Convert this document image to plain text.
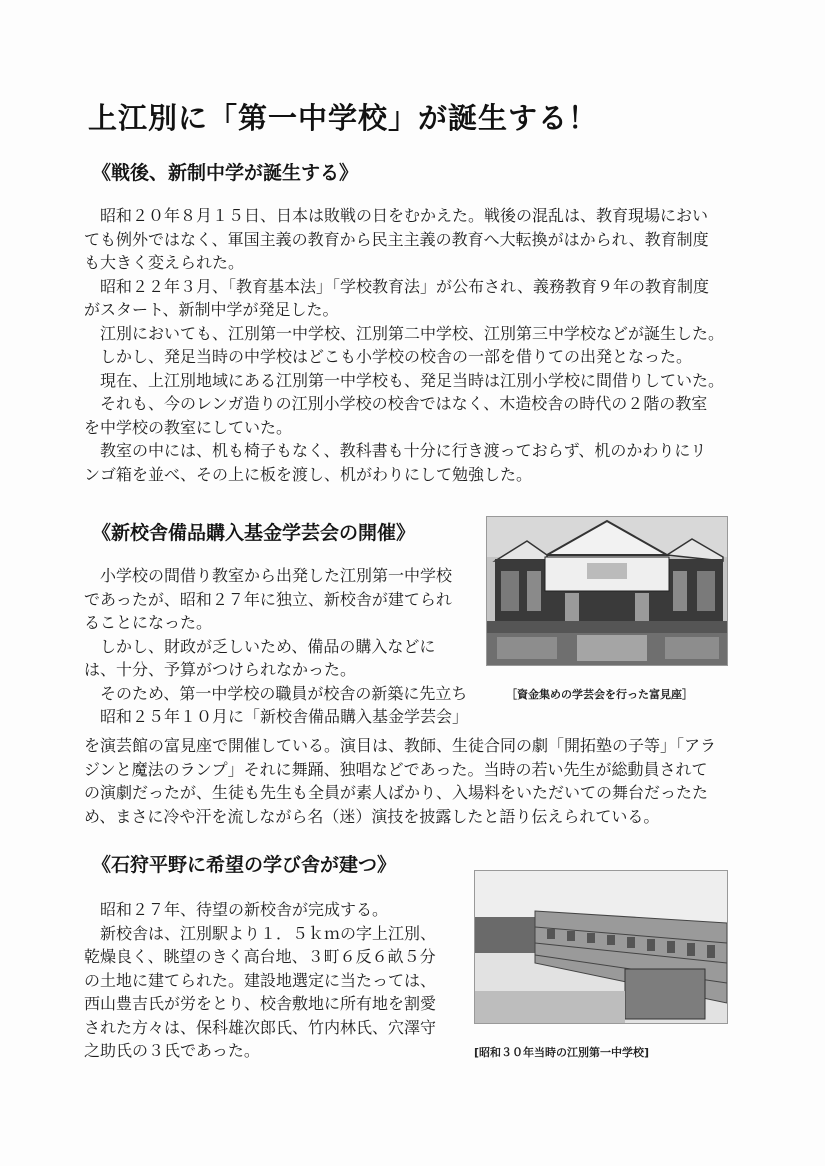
上江別に「第一中学校」が誕生する！
《戦後、新制中学が誕生する》
　昭和２０年８月１５日、日本は敗戦の日をむかえた。戦後の混乱は、教育現場におい
ても例外ではなく、軍国主義の教育から民主主義の教育へ大転換がはかられ、教育制度
も大きく変えられた。
　昭和２２年３月、「教育基本法」「学校教育法」が公布され、義務教育９年の教育制度
がスタート、新制中学が発足した。
　江別においても、江別第一中学校、江別第二中学校、江別第三中学校などが誕生した。
　しかし、発足当時の中学校はどこも小学校の校舎の一部を借りての出発となった。
　現在、上江別地域にある江別第一中学校も、発足当時は江別小学校に間借りしていた。
　それも、今のレンガ造りの江別小学校の校舎ではなく、木造校舎の時代の２階の教室
を中学校の教室にしていた。
　教室の中には、机も椅子もなく、教科書も十分に行き渡っておらず、机のかわりにリ
ンゴ箱を並べ、その上に板を渡し、机がわりにして勉強した。
《新校舎備品購入基金学芸会の開催》
　小学校の間借り教室から出発した江別第一中学校
であったが、昭和２７年に独立、新校舎が建てられ
ることになった。
　しかし、財政が乏しいため、備品の購入などに
は、十分、予算がつけられなかった。
　そのため、第一中学校の職員が校舎の新築に先立ち
　昭和２５年１０月に「新校舎備品購入基金学芸会」
を演芸館の富見座で開催している。演目は、教師、生徒合同の劇「開拓塾の子等」「アラ
ジンと魔法のランプ」それに舞踊、独唱などであった。当時の若い先生が総動員されて
の演劇だったが、生徒も先生も全員が素人ばかり、入場料をいただいての舞台だったた
め、まさに冷や汗を流しながら名（迷）演技を披露したと語り伝えられている。
［資金集めの学芸会を行った富見座］
《石狩平野に希望の学び舎が建つ》
　昭和２７年、待望の新校舎が完成する。
　新校舎は、江別駅より１．５ｋｍの字上江別、
乾燥良く、眺望のきく高台地、３町６反６畝５分
の土地に建てられた。建設地選定に当たっては、
西山豊吉氏が労をとり、校舎敷地に所有地を割愛
された方々は、保科雄次郎氏、竹内林氏、穴澤守
之助氏の３氏であった。	[昭和３０年当時の江別第一中学校]
